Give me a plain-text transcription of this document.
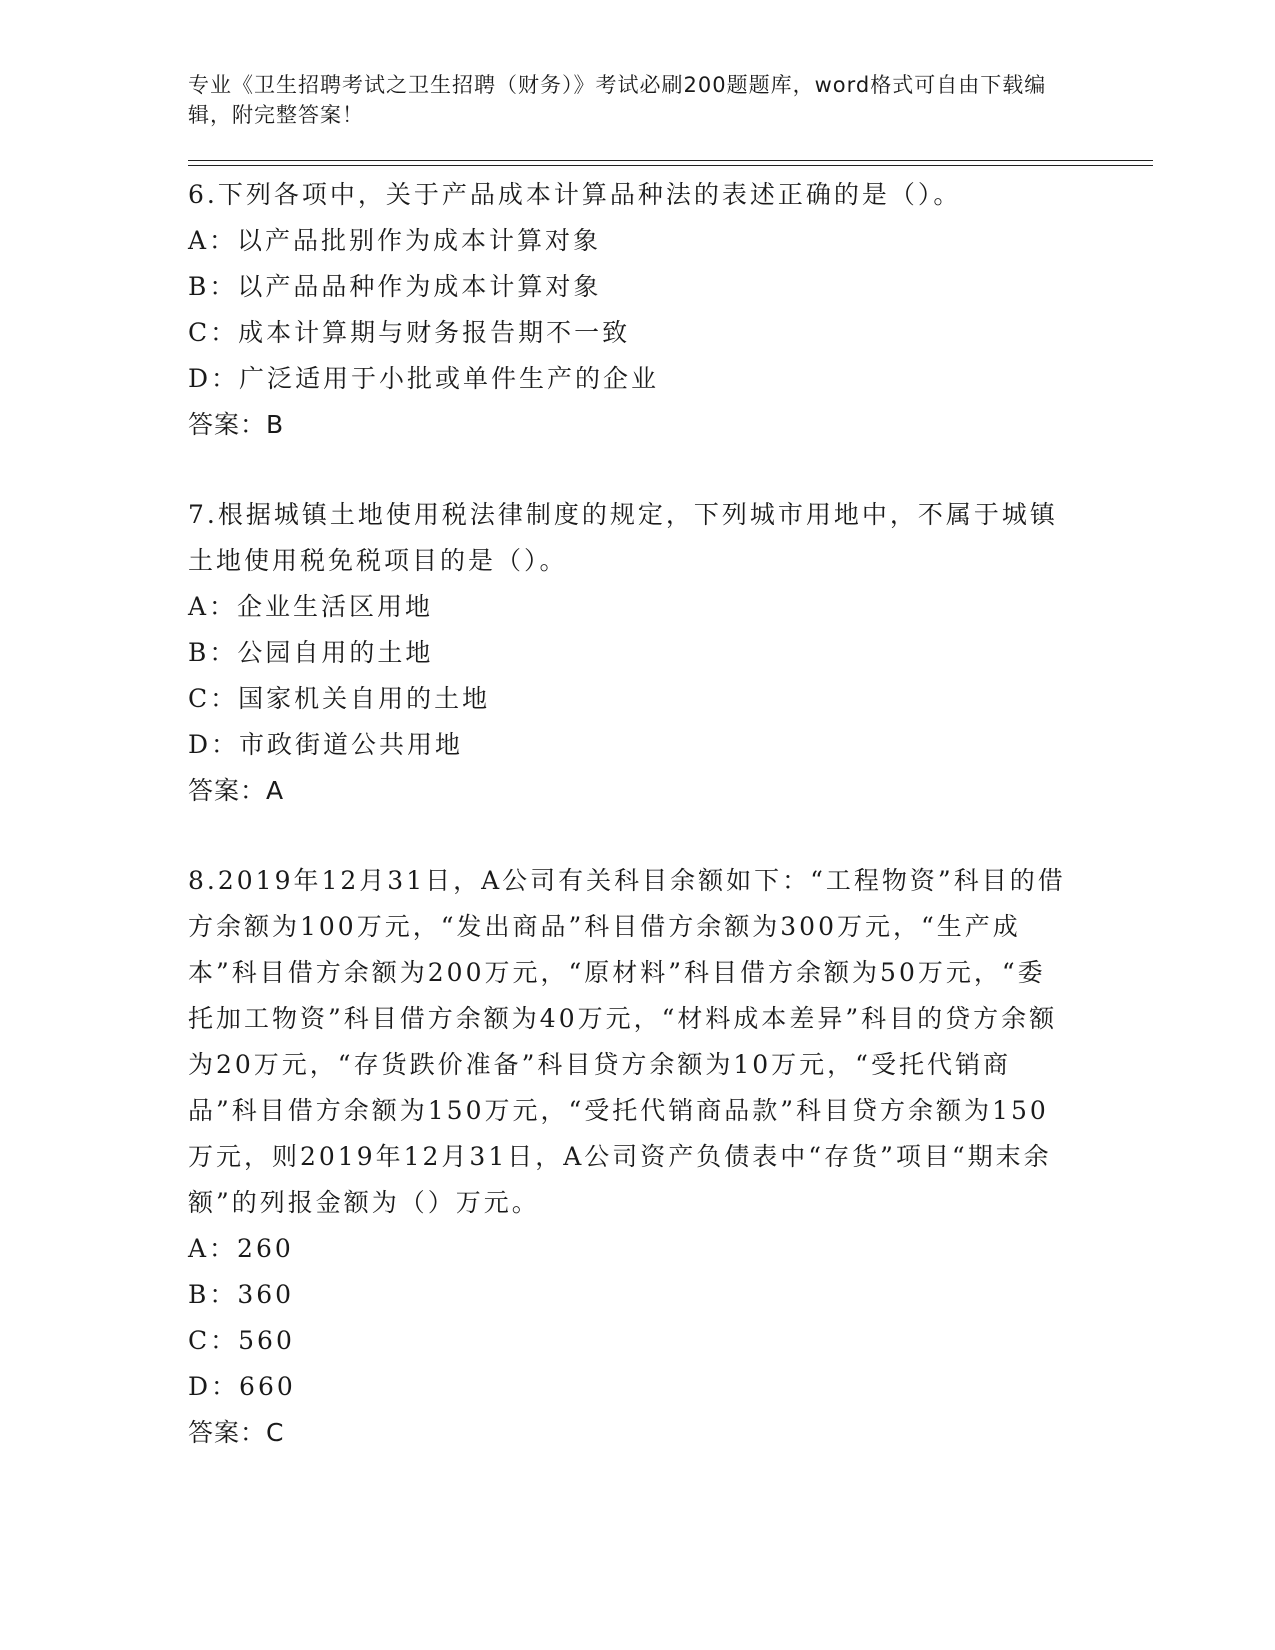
专业《卫生招聘考试之卫生招聘（财务）》考试必刷200题题库，word格式可自由下载编辑，附完整答案！
6.下列各项中，关于产品成本计算品种法的表述正确的是（）。
A：以产品批别作为成本计算对象
B：以产品品种作为成本计算对象
C：成本计算期与财务报告期不一致
D：广泛适用于小批或单件生产的企业
答案：B
7.根据城镇土地使用税法律制度的规定，下列城市用地中，不属于城镇土地使用税免税项目的是（）。
A：企业生活区用地
B：公园自用的土地
C：国家机关自用的土地
D：市政街道公共用地
答案：A
8.2019年12月31日，A公司有关科目余额如下：“工程物资”科目的借方余额为100万元，“发出商品”科目借方余额为300万元，“生产成本”科目借方余额为200万元，“原材料”科目借方余额为50万元，“委托加工物资”科目借方余额为40万元，“材料成本差异”科目的贷方余额为20万元，“存货跌价准备”科目贷方余额为10万元，“受托代销商品”科目借方余额为150万元，“受托代销商品款”科目贷方余额为150万元，则2019年12月31日，A公司资产负债表中“存货”项目“期末余额”的列报金额为（）万元。
A：260
B：360
C：560
D：660
答案：C
